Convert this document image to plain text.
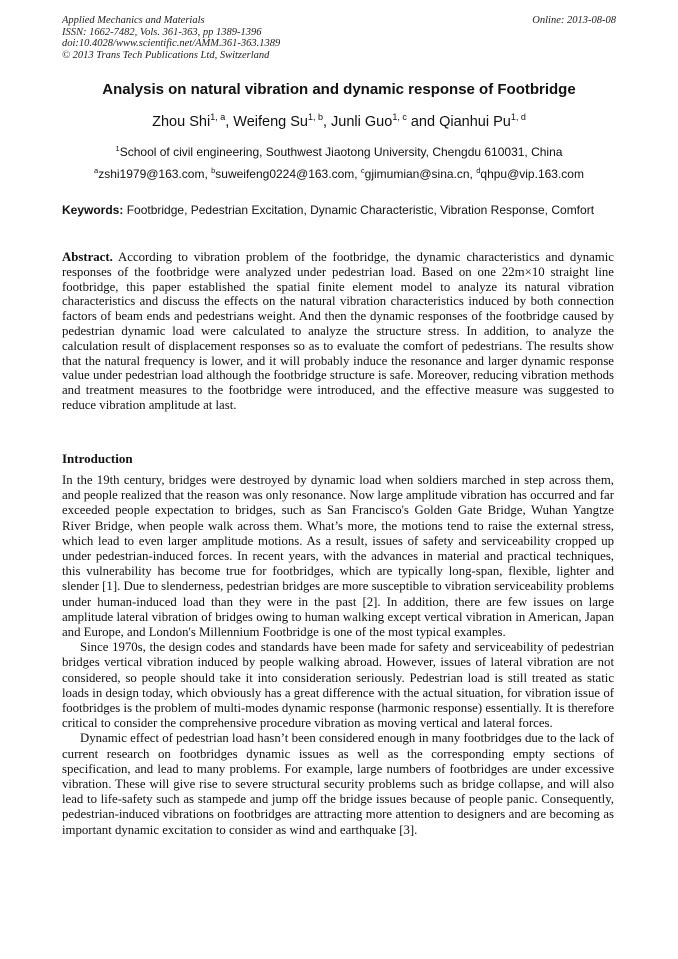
Applied Mechanics and Materials
ISSN: 1662-7482, Vols. 361-363, pp 1389-1396
doi:10.4028/www.scientific.net/AMM.361-363.1389
© 2013 Trans Tech Publications Ltd, Switzerland
Online: 2013-08-08
Analysis on natural vibration and dynamic response of Footbridge
Zhou Shi$^{1, a}$, Weifeng Su$^{1, b}$, Junli Guo$^{1, c}$ and Qianhui Pu$^{1, d}$
$^1$School of civil engineering, Southwest Jiaotong University, Chengdu 610031, China
$^a$zshi1979@163.com, $^b$suweifeng0224@163.com, $^c$gjimumian@sina.cn, $^d$qhpu@vip.163.com

Keywords: Footbridge, Pedestrian Excitation, Dynamic Characteristic, Vibration Response, Comfort

Abstract. According to vibration problem of the footbridge, the dynamic characteristics and dynamic responses of the footbridge were analyzed under pedestrian load. Based on one 22m×10 straight line footbridge, this paper established the spatial finite element model to analyze its natural vibration characteristics and discuss the effects on the natural vibration characteristics induced by both connection factors of beam ends and pedestrians weight. And then the dynamic responses of the footbridge caused by pedestrian dynamic load were calculated to analyze the structure stress. In addition, to analyze the calculation result of displacement responses so as to evaluate the comfort of pedestrians. The results show that the natural frequency is lower, and it will probably induce the resonance and larger dynamic response value under pedestrian load although the footbridge structure is safe. Moreover, reducing vibration methods and treatment measures to the footbridge were introduced, and the effective measure was suggested to reduce vibration amplitude at last.

Introduction

In the 19th century, bridges were destroyed by dynamic load when soldiers marched in step across them, and people realized that the reason was only resonance. Now large amplitude vibration has occurred and far exceeded people expectation to bridges, such as San Francisco's Golden Gate Bridge, Wuhan Yangtze River Bridge, when people walk across them. What’s more, the motions tend to raise the external stress, which lead to even larger amplitude motions. As a result, issues of safety and serviceability cropped up under pedestrian-induced forces. In recent years, with the advances in material and practical techniques, this vulnerability has become true for footbridges, which are typically long-span, flexible, lighter and slender [1]. Due to slenderness, pedestrian bridges are more susceptible to vibration serviceability problems under human-induced load than they were in the past [2]. In addition, there are few issues on large amplitude lateral vibration of bridges owing to human walking except vertical vibration in American, Japan and Europe, and London's Millennium Footbridge is one of the most typical examples.

Since 1970s, the design codes and standards have been made for safety and serviceability of pedestrian bridges vertical vibration induced by people walking abroad. However, issues of lateral vibration are not considered, so people should take it into consideration seriously. Pedestrian load is still treated as static loads in design today, which obviously has a great difference with the actual situation, for vibration issue of footbridges is the problem of multi-modes dynamic response (harmonic response) essentially. It is therefore critical to consider the comprehensive procedure vibration as moving vertical and lateral forces.

Dynamic effect of pedestrian load hasn’t been considered enough in many footbridges due to the lack of current research on footbridges dynamic issues as well as the corresponding empty sections of specification, and lead to many problems. For example, large numbers of footbridges are under excessive vibration. These will give rise to severe structural security problems such as bridge collapse, and will also lead to life-safety such as stampede and jump off the bridge issues because of people panic. Consequently, pedestrian-induced vibrations on footbridges are attracting more attention to designers and are becoming as important dynamic excitation to consider as wind and earthquake [3].
